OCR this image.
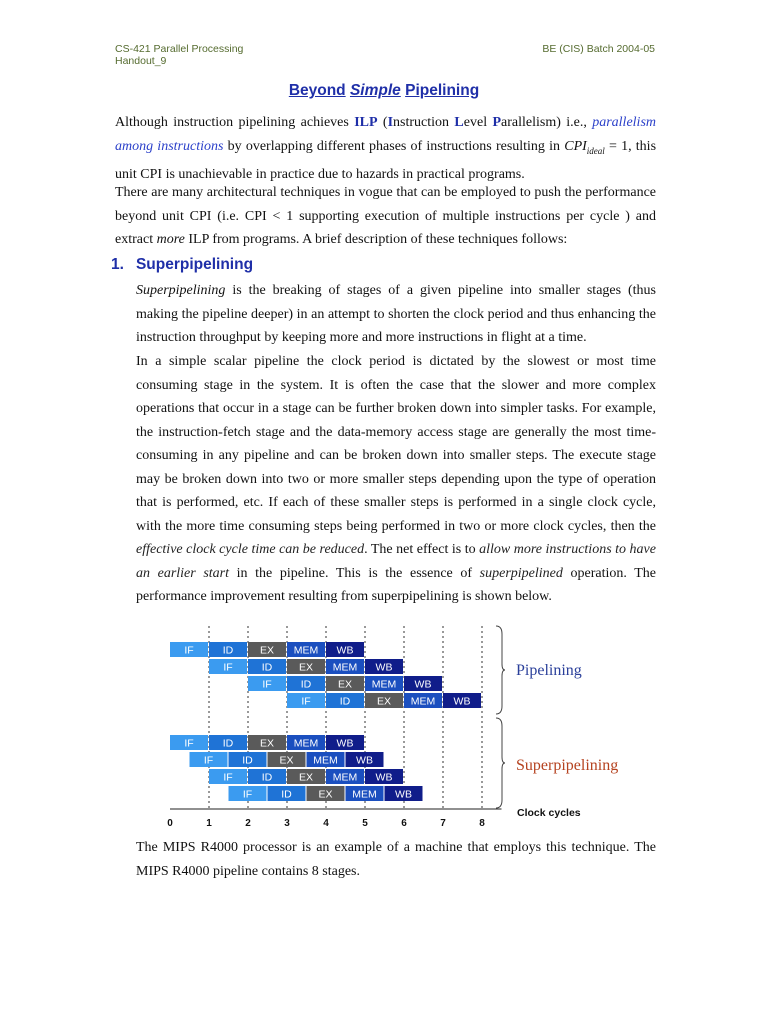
CS-421 Parallel Processing
Handout_9
BE (CIS) Batch 2004-05
Beyond Simple Pipelining
Although instruction pipelining achieves ILP (Instruction Level Parallelism) i.e., parallelism among instructions by overlapping different phases of instructions resulting in $CPI_{ideal} = 1$, this unit CPI is unachievable in practice due to hazards in practical programs.
There are many architectural techniques in vogue that can be employed to push the performance beyond unit CPI (i.e. CPI < 1 supporting execution of multiple instructions per cycle ) and extract more ILP from programs. A brief description of these techniques follows:
1. Superpipelining
Superpipelining is the breaking of stages of a given pipeline into smaller stages (thus making the pipeline deeper) in an attempt to shorten the clock period and thus enhancing the instruction throughput by keeping more and more instructions in flight at a time.
In a simple scalar pipeline the clock period is dictated by the slowest or most time consuming stage in the system. It is often the case that the slower and more complex operations that occur in a stage can be further broken down into simpler tasks. For example, the instruction-fetch stage and the data-memory access stage are generally the most time-consuming in any pipeline and can be broken down into smaller steps. The execute stage may be broken down into two or more smaller steps depending upon the type of operation that is performed, etc. If each of these smaller steps is performed in a single clock cycle, with the more time consuming steps being performed in two or more clock cycles, then the effective clock cycle time can be reduced. The net effect is to allow more instructions to have an earlier start in the pipeline. This is the essence of superpipelined operation. The performance improvement resulting from superpipelining is shown below.
0	1	2	3	4	5	6	7	8
Clock cycles
IF	ID	EX MEM WB
IF	ID	EX MEM WB
IF	ID	EX MEM WB
IF	ID	EX MEM WB
IF	ID	EX MEM WB
IF	ID	EX MEM WB
IF	ID	EX MEM WB
IF	ID	EX MEM WB
Pipelining
Superpipelining
The MIPS R4000 processor is an example of a machine that employs this technique. The MIPS R4000 pipeline contains 8 stages.
